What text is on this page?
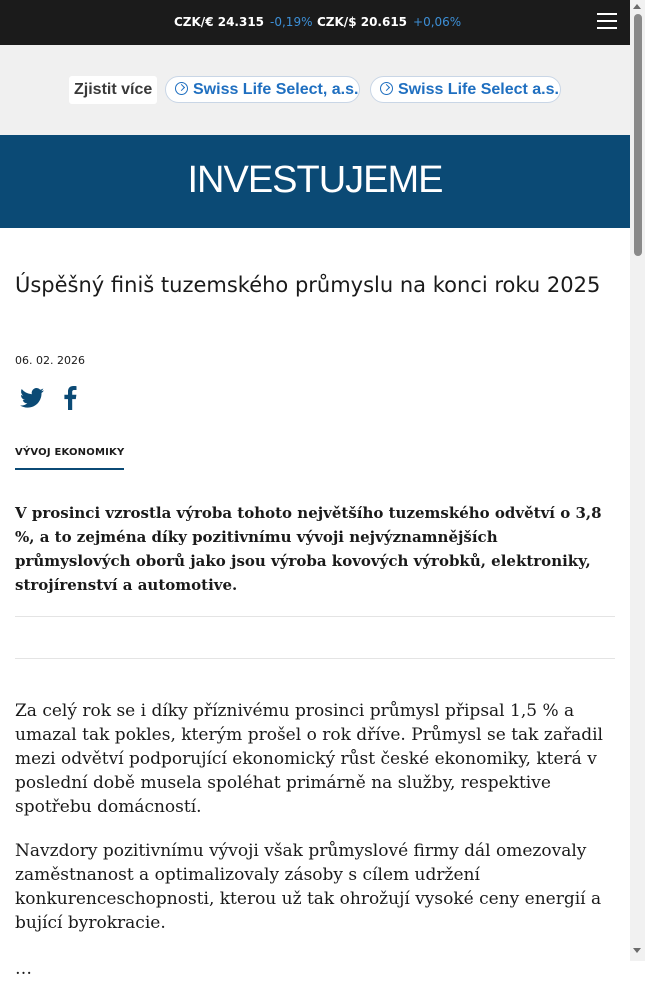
CZK/€ 24.315 -0,19% CZK/$ 20.615 +0,06%
Zjistit více	Swiss Life Select, a.s.	Swiss Life Select a.s.
INVESTUJEME
Úspěšný finiš tuzemského průmyslu na konci roku 2025
06. 02. 2026
VÝVOJ EKONOMIKY

V prosinci vzrostla výroba tohoto největšího tuzemského odvětví o 3,8 %, a to zejména díky pozitivnímu vývoji nejvýznamnějších průmyslových oborů jako jsou výroba kovových výrobků, elektroniky, strojírenství a automotive.

Za celý rok se i díky příznivému prosinci průmysl připsal 1,5 % a umazal tak pokles, kterým prošel o rok dříve. Průmysl se tak zařadil mezi odvětví podporující ekonomický růst české ekonomiky, která v poslední době musela spoléhat primárně na služby, respektive spotřebu domácností.

Navzdory pozitivnímu vývoji však průmyslové firmy dál omezovaly zaměstnanost a optimalizovaly zásoby s cílem udržení konkurenceschopnosti, kterou už tak ohrožují vysoké ceny energií a bující byrokracie.

…
